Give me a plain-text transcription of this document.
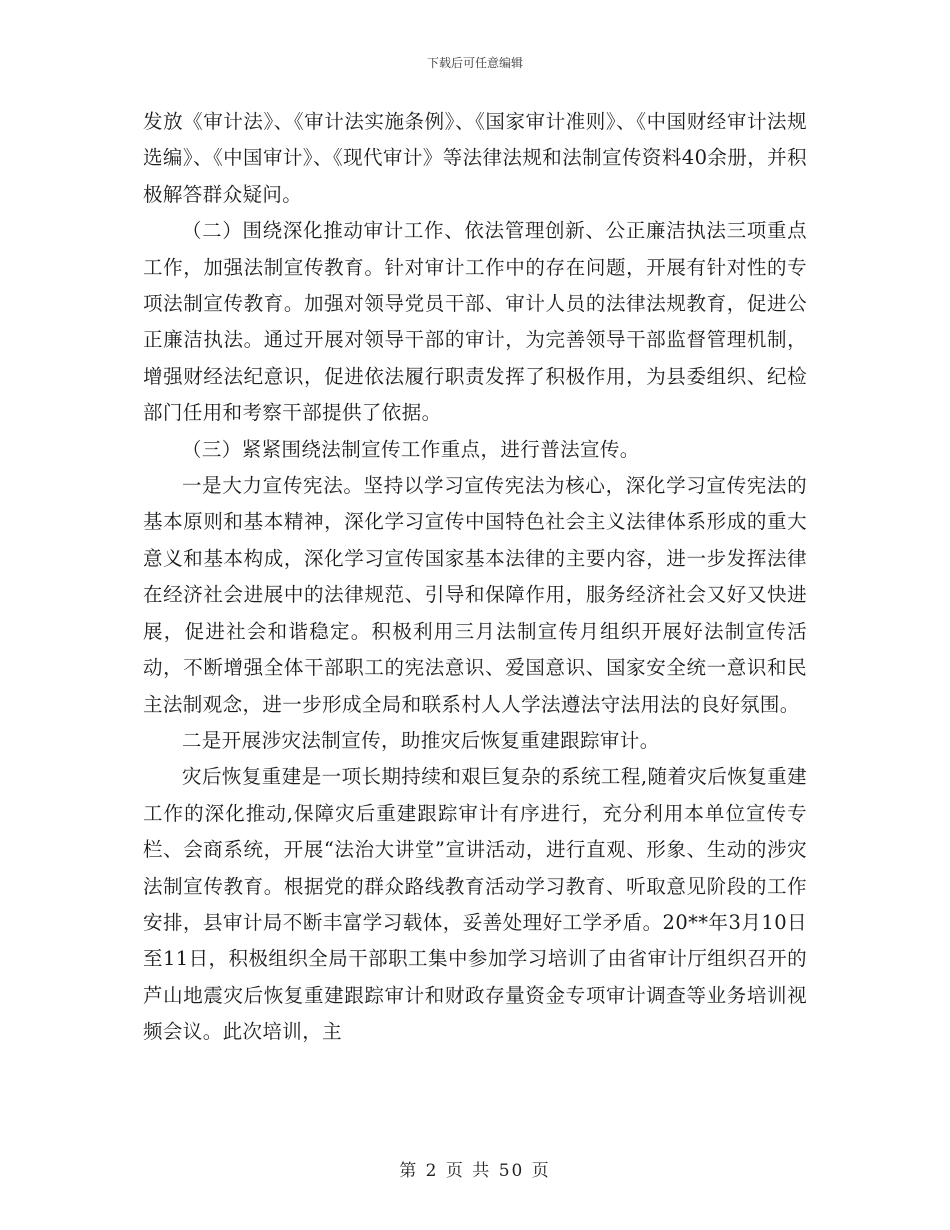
下载后可任意编辑

发放《审计法》、《审计法实施条例》、《国家审计准则》、《中国财经审计法规选编》、《中国审计》、《现代审计》等法律法规和法制宣传资料40余册，并积极解答群众疑问。

（二）围绕深化推动审计工作、依法管理创新、公正廉洁执法三项重点工作，加强法制宣传教育。针对审计工作中的存在问题，开展有针对性的专项法制宣传教育。加强对领导党员干部、审计人员的法律法规教育，促进公正廉洁执法。通过开展对领导干部的审计，为完善领导干部监督管理机制，增强财经法纪意识，促进依法履行职责发挥了积极作用，为县委组织、纪检部门任用和考察干部提供了依据。

（三）紧紧围绕法制宣传工作重点，进行普法宣传。

一是大力宣传宪法。坚持以学习宣传宪法为核心，深化学习宣传宪法的基本原则和基本精神，深化学习宣传中国特色社会主义法律体系形成的重大意义和基本构成，深化学习宣传国家基本法律的主要内容，进一步发挥法律在经济社会进展中的法律规范、引导和保障作用，服务经济社会又好又快进展，促进社会和谐稳定。积极利用三月法制宣传月组织开展好法制宣传活动，不断增强全体干部职工的宪法意识、爱国意识、国家安全统一意识和民主法制观念，进一步形成全局和联系村人人学法遵法守法用法的良好氛围。

二是开展涉灾法制宣传，助推灾后恢复重建跟踪审计。

灾后恢复重建是一项长期持续和艰巨复杂的系统工程,随着灾后恢复重建工作的深化推动,保障灾后重建跟踪审计有序进行，充分利用本单位宣传专栏、会商系统，开展“法治大讲堂”宣讲活动，进行直观、形象、生动的涉灾法制宣传教育。根据党的群众路线教育活动学习教育、听取意见阶段的工作安排，县审计局不断丰富学习载体，妥善处理好工学矛盾。20**年3月10日至11日，积极组织全局干部职工集中参加学习培训了由省审计厅组织召开的芦山地震灾后恢复重建跟踪审计和财政存量资金专项审计调查等业务培训视频会议。此次培训，主

第 2 页 共 50 页
